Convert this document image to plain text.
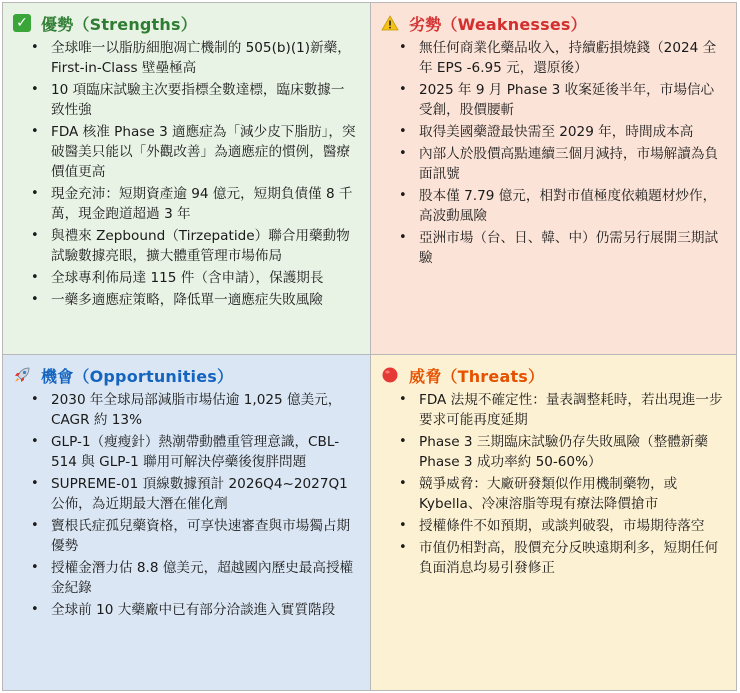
✓ 優勢（Strengths）
• 全球唯一以脂肪細胞凋亡機制的 505(b)(1)新藥，First-in-Class 壁壘極高
• 10 項臨床試驗主次要指標全數達標，臨床數據一致性強
• FDA 核准 Phase 3 適應症為「減少皮下脂肪」，突破醫美只能以「外觀改善」為適應症的慣例，醫療價值更高
• 現金充沛：短期資產逾 94 億元，短期負債僅 8 千萬，現金跑道超過 3 年
• 與禮來 Zepbound（Tirzepatide）聯合用藥動物試驗數據亮眼，擴大體重管理市場佈局
• 全球專利佈局達 115 件（含申請），保護期長
• 一藥多適應症策略，降低單一適應症失敗風險
劣勢（Weaknesses）
• 無任何商業化藥品收入，持續虧損燒錢（2024 全年 EPS -6.95 元，還原後）
• 2025 年 9 月 Phase 3 收案延後半年，市場信心受創，股價腰斬
• 取得美國藥證最快需至 2029 年，時間成本高
• 內部人於股價高點連續三個月減持，市場解讀為負面訊號
• 股本僅 7.79 億元，相對市值極度依賴題材炒作，高波動風險
• 亞洲市場（台、日、韓、中）仍需另行展開三期試驗
機會（Opportunities）
• 2030 年全球局部減脂市場估逾 1,025 億美元，CAGR 約 13%
• GLP-1（瘦瘦針）熱潮帶動體重管理意識，CBL-514 與 GLP-1 聯用可解決停藥後復胖問題
• SUPREME-01 頂線數據預計 2026Q4~2027Q1 公佈，為近期最大潛在催化劑
• 竇根氏症孤兒藥資格，可享快速審查與市場獨占期優勢
• 授權金潛力估 8.8 億美元，超越國內歷史最高授權金紀錄
• 全球前 10 大藥廠中已有部分洽談進入實質階段
威脅（Threats）
• FDA 法規不確定性：量表調整耗時，若出現進一步要求可能再度延期
• Phase 3 三期臨床試驗仍存失敗風險（整體新藥 Phase 3 成功率約 50-60%）
• 競爭威脅：大廠研發類似作用機制藥物，或 Kybella、冷凍溶脂等現有療法降價搶市
• 授權條件不如預期，或談判破裂，市場期待落空
• 市值仍相對高，股價充分反映遠期利多，短期任何負面消息均易引發修正
